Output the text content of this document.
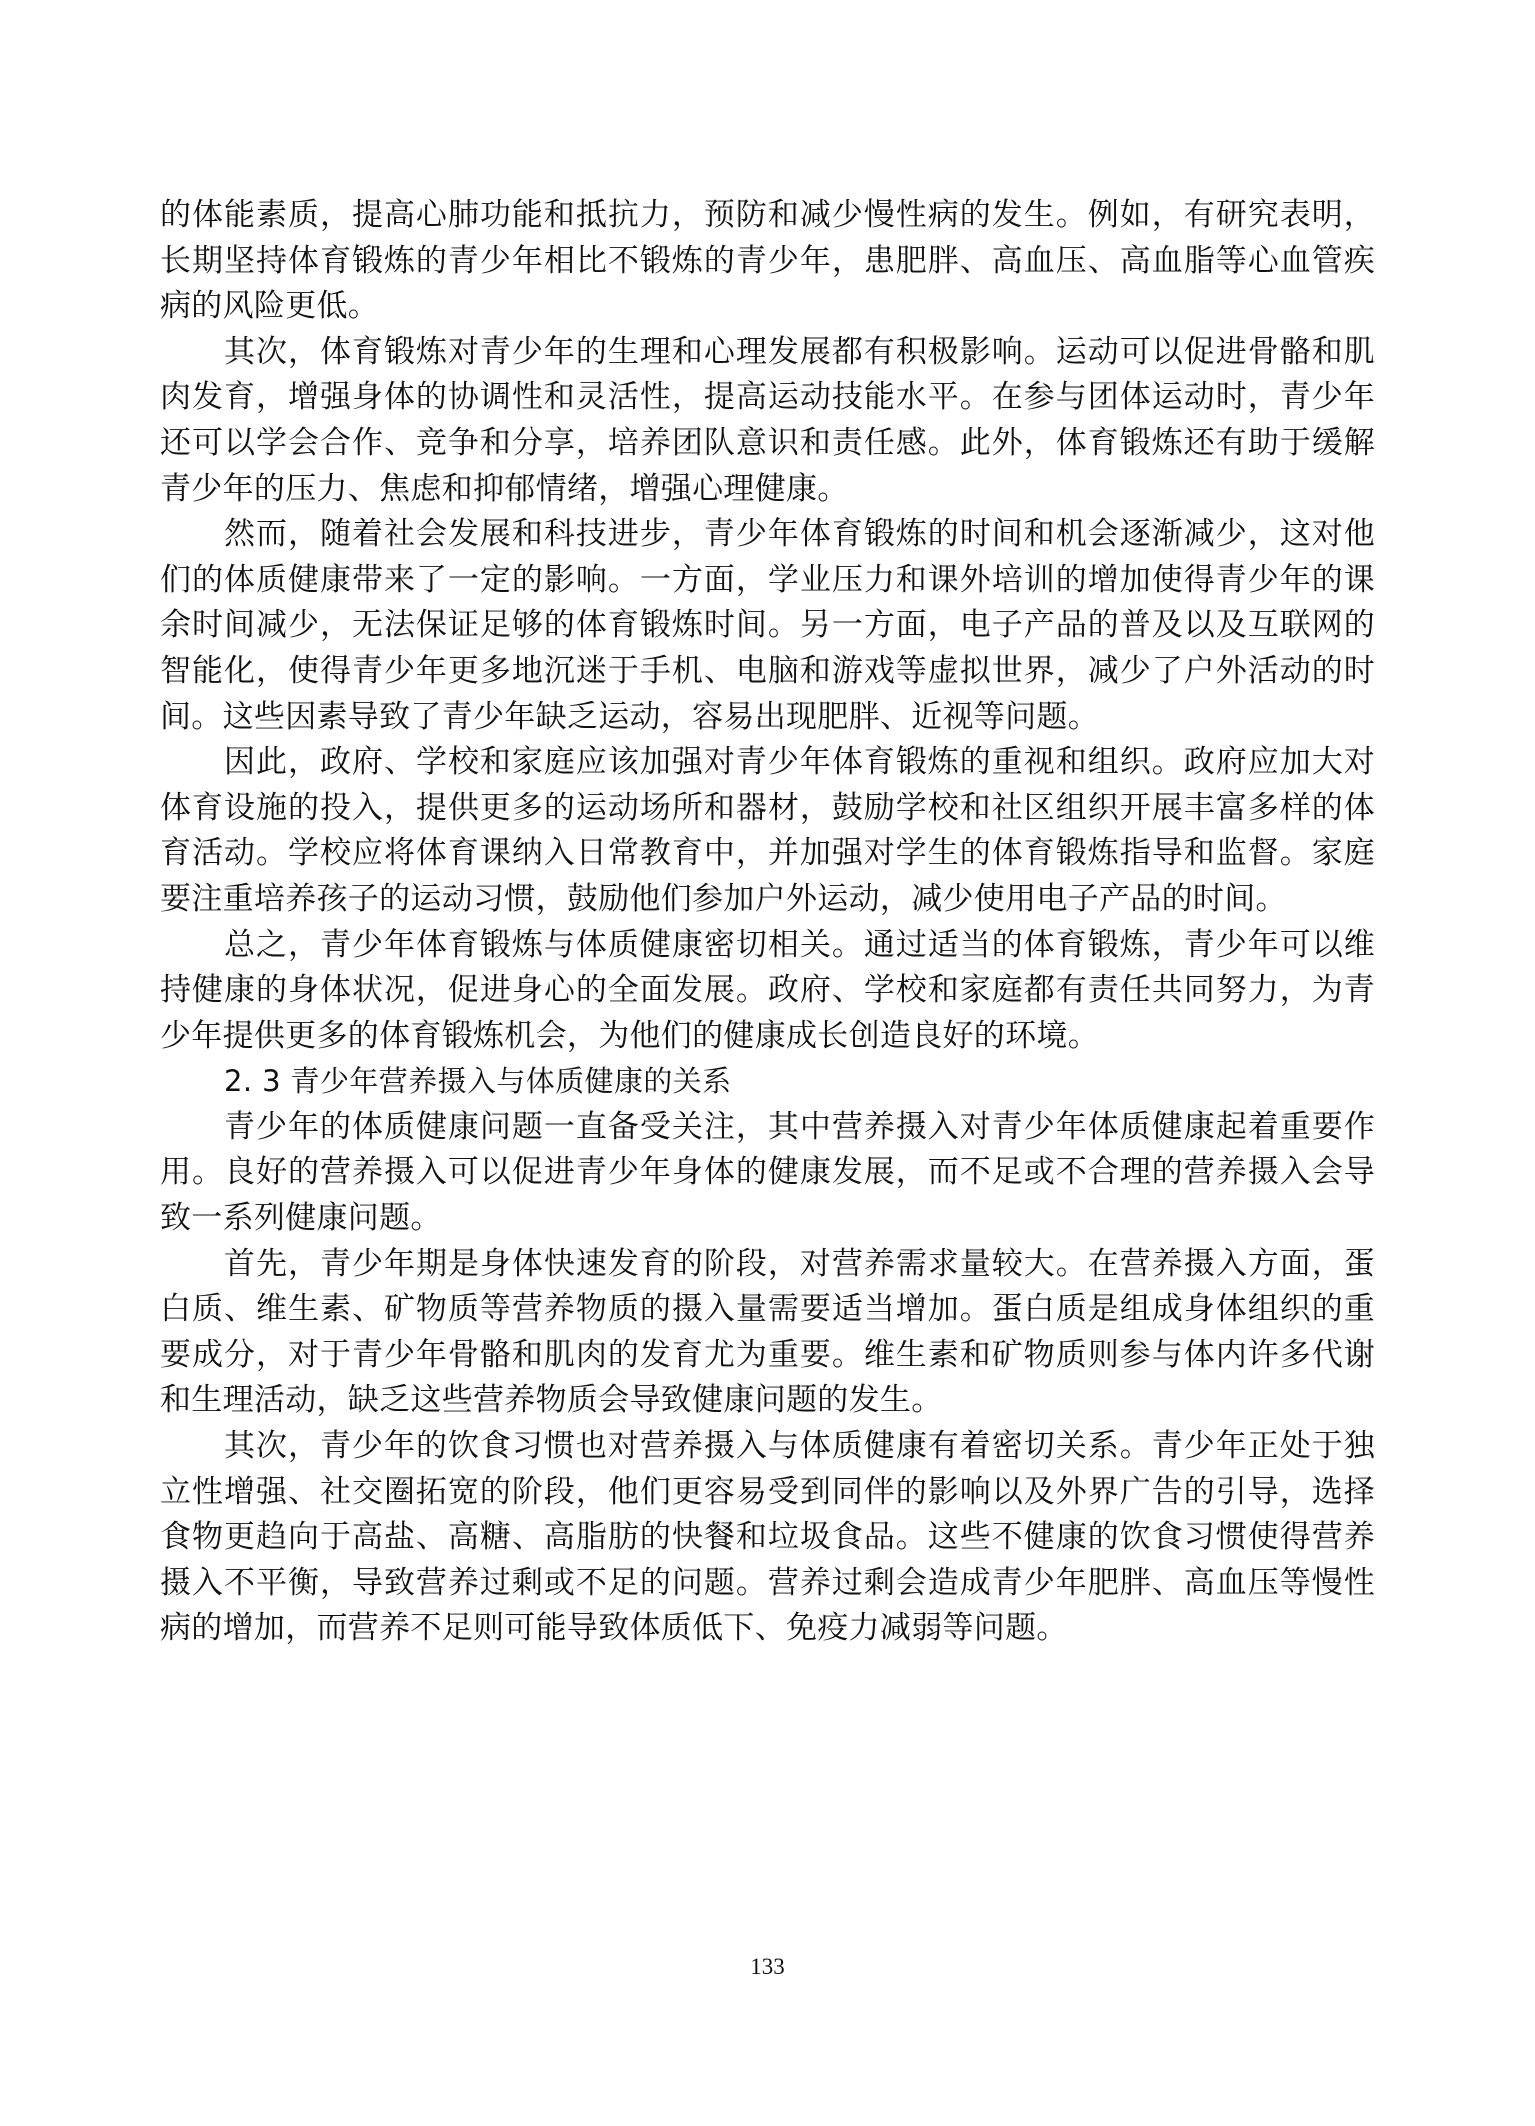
的体能素质，提高心肺功能和抵抗力，预防和减少慢性病的发生。例如，有研究表明，长期坚持体育锻炼的青少年相比不锻炼的青少年，患肥胖、高血压、高血脂等心血管疾病的风险更低。

其次，体育锻炼对青少年的生理和心理发展都有积极影响。运动可以促进骨骼和肌肉发育，增强身体的协调性和灵活性，提高运动技能水平。在参与团体运动时，青少年还可以学会合作、竞争和分享，培养团队意识和责任感。此外，体育锻炼还有助于缓解青少年的压力、焦虑和抑郁情绪，增强心理健康。

然而，随着社会发展和科技进步，青少年体育锻炼的时间和机会逐渐减少，这对他们的体质健康带来了一定的影响。一方面，学业压力和课外培训的增加使得青少年的课余时间减少，无法保证足够的体育锻炼时间。另一方面，电子产品的普及以及互联网的智能化，使得青少年更多地沉迷于手机、电脑和游戏等虚拟世界，减少了户外活动的时间。这些因素导致了青少年缺乏运动，容易出现肥胖、近视等问题。

因此，政府、学校和家庭应该加强对青少年体育锻炼的重视和组织。政府应加大对体育设施的投入，提供更多的运动场所和器材，鼓励学校和社区组织开展丰富多样的体育活动。学校应将体育课纳入日常教育中，并加强对学生的体育锻炼指导和监督。家庭要注重培养孩子的运动习惯，鼓励他们参加户外运动，减少使用电子产品的时间。

总之，青少年体育锻炼与体质健康密切相关。通过适当的体育锻炼，青少年可以维持健康的身体状况，促进身心的全面发展。政府、学校和家庭都有责任共同努力，为青少年提供更多的体育锻炼机会，为他们的健康成长创造良好的环境。

2. 3 青少年营养摄入与体质健康的关系

青少年的体质健康问题一直备受关注，其中营养摄入对青少年体质健康起着重要作用。良好的营养摄入可以促进青少年身体的健康发展，而不足或不合理的营养摄入会导致一系列健康问题。

首先，青少年期是身体快速发育的阶段，对营养需求量较大。在营养摄入方面，蛋白质、维生素、矿物质等营养物质的摄入量需要适当增加。蛋白质是组成身体组织的重要成分，对于青少年骨骼和肌肉的发育尤为重要。维生素和矿物质则参与体内许多代谢和生理活动，缺乏这些营养物质会导致健康问题的发生。

其次，青少年的饮食习惯也对营养摄入与体质健康有着密切关系。青少年正处于独立性增强、社交圈拓宽的阶段，他们更容易受到同伴的影响以及外界广告的引导，选择食物更趋向于高盐、高糖、高脂肪的快餐和垃圾食品。这些不健康的饮食习惯使得营养摄入不平衡，导致营养过剩或不足的问题。营养过剩会造成青少年肥胖、高血压等慢性病的增加，而营养不足则可能导致体质低下、免疫力减弱等问题。

133
